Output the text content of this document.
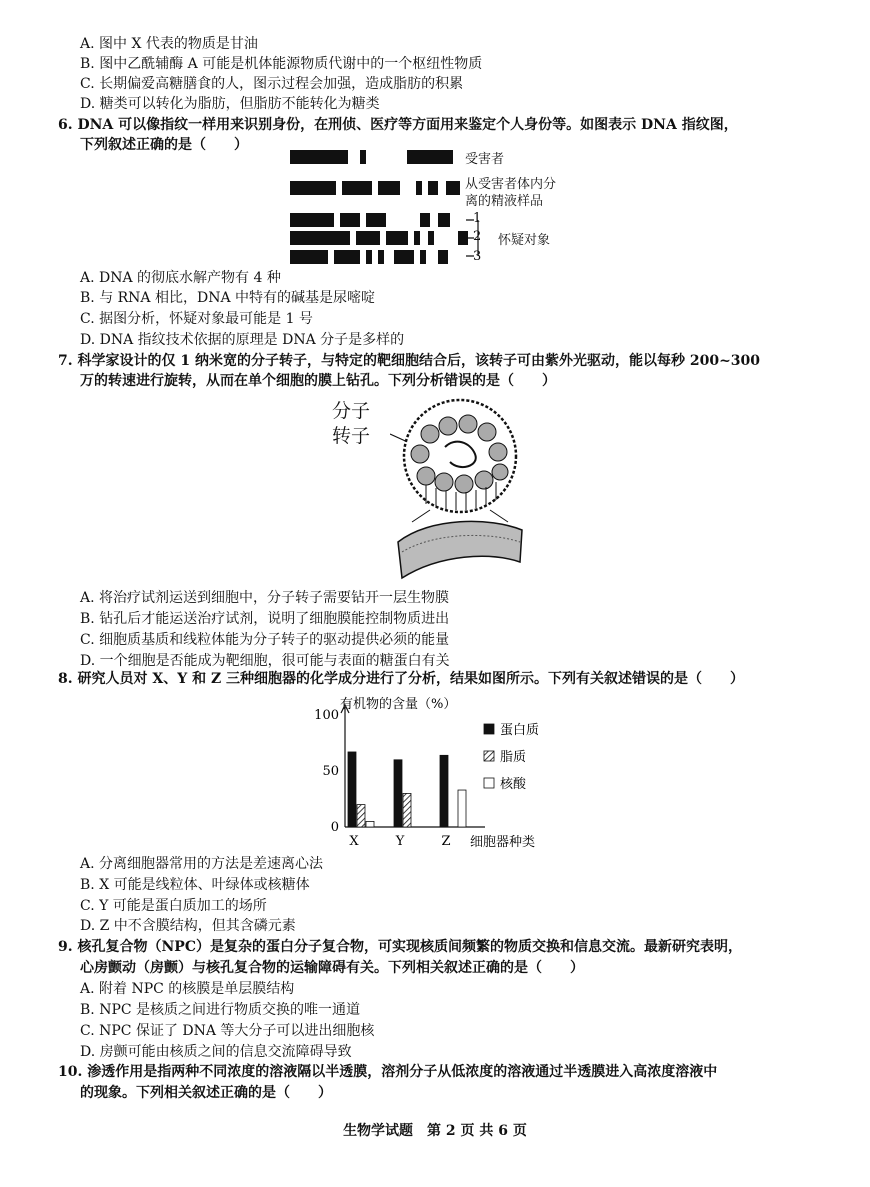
A. 图中 X 代表的物质是甘油
B. 图中乙酰辅酶 A 可能是机体能源物质代谢中的一个枢纽性物质
C. 长期偏爱高糖膳食的人，图示过程会加强，造成脂肪的积累
D. 糖类可以转化为脂肪，但脂肪不能转化为糖类
6. DNA 可以像指纹一样用来识别身份，在刑侦、医疗等方面用来鉴定个人身份等。如图表示 DNA 指纹图，
下列叙述正确的是（　　）
受害者
从受害者体内分
离的精液样品
1
2
3
怀疑对象
A. DNA 的彻底水解产物有 4 种
B. 与 RNA 相比，DNA 中特有的碱基是尿嘧啶
C. 据图分析，怀疑对象最可能是 1 号
D. DNA 指纹技术依据的原理是 DNA 分子是多样的
7. 科学家设计的仅 1 纳米宽的分子转子，与特定的靶细胞结合后，该转子可由紫外光驱动，能以每秒 200~300
万的转速进行旋转，从而在单个细胞的膜上钻孔。下列分析错误的是（　　）
分子
转子
A. 将治疗试剂运送到细胞中，分子转子需要钻开一层生物膜
B. 钻孔后才能运送治疗试剂，说明了细胞膜能控制物质进出
C. 细胞质基质和线粒体能为分子转子的驱动提供必须的能量
D. 一个细胞是否能成为靶细胞，很可能与表面的糖蛋白有关
8. 研究人员对 X、Y 和 Z 三种细胞器的化学成分进行了分析，结果如图所示。下列有关叙述错误的是（　　）
有机物的含量（%）
0
50
100
X	Y	Z
蛋白质
脂质
核酸
细胞器种类
A. 分离细胞器常用的方法是差速离心法
B. X 可能是线粒体、叶绿体或核糖体
C. Y 可能是蛋白质加工的场所
D. Z 中不含膜结构，但其含磷元素
9. 核孔复合物（NPC）是复杂的蛋白分子复合物，可实现核质间频繁的物质交换和信息交流。最新研究表明，
心房颤动（房颤）与核孔复合物的运输障碍有关。下列相关叙述正确的是（　　）
A. 附着 NPC 的核膜是单层膜结构
B. NPC 是核质之间进行物质交换的唯一通道
C. NPC 保证了 DNA 等大分子可以进出细胞核
D. 房颤可能由核质之间的信息交流障碍导致
10. 渗透作用是指两种不同浓度的溶液隔以半透膜，溶剂分子从低浓度的溶液通过半透膜进入高浓度溶液中
的现象。下列相关叙述正确的是（　　）
生物学试题　第 2 页 共 6 页
